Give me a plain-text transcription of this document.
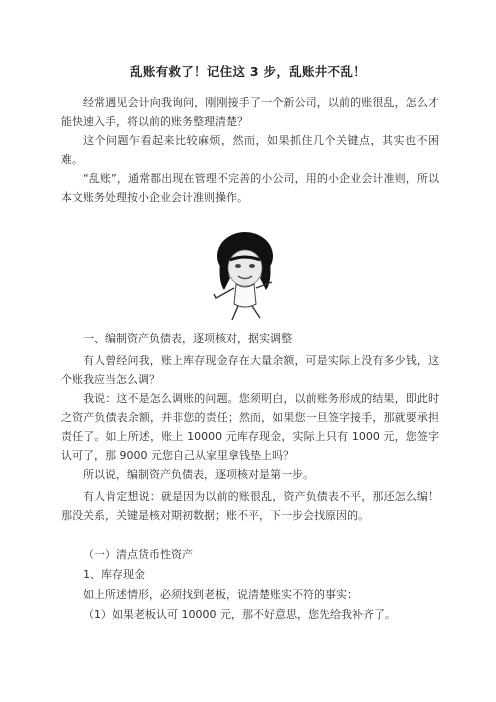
乱账有救了！记住这 3 步，乱账井不乱！
经常遇见会计向我询问，刚刚接手了一个新公司，以前的账很乱，怎么才能快速入手，将以前的账务整理清楚？
这个问题乍看起来比较麻烦，然而，如果抓住几个关键点，其实也不困难。
“乱账”，通常都出现在管理不完善的小公司，用的小企业会计准则，所以本文账务处理按小企业会计准则操作。
一、编制资产负债表，逐项核对，据实调整
有人曾经问我，账上库存现金存在大量余额，可是实际上没有多少钱，这个账我应当怎么调？
我说：这不是怎么调账的问题。您须明白，以前账务形成的结果，即此时之资产负债表余额，并非您的责任；然而，如果您一旦签字接手，那就要承担责任了。如上所述，账上 10000 元库存现金，实际上只有 1000 元，您签字认可了，那 9000 元您自己从家里拿钱垫上吗？
所以说，编制资产负债表，逐项核对是第一步。
有人肯定想说：就是因为以前的账很乱，资产负债表不平，那还怎么编！那没关系，关键是核对期初数据；账不平，下一步会找原因的。
（一）清点货币性资产
1、库存现金
如上所述情形，必须找到老板，说清楚账实不符的事实：
（1）如果老板认可 10000 元，那不好意思，您先给我补齐了。
